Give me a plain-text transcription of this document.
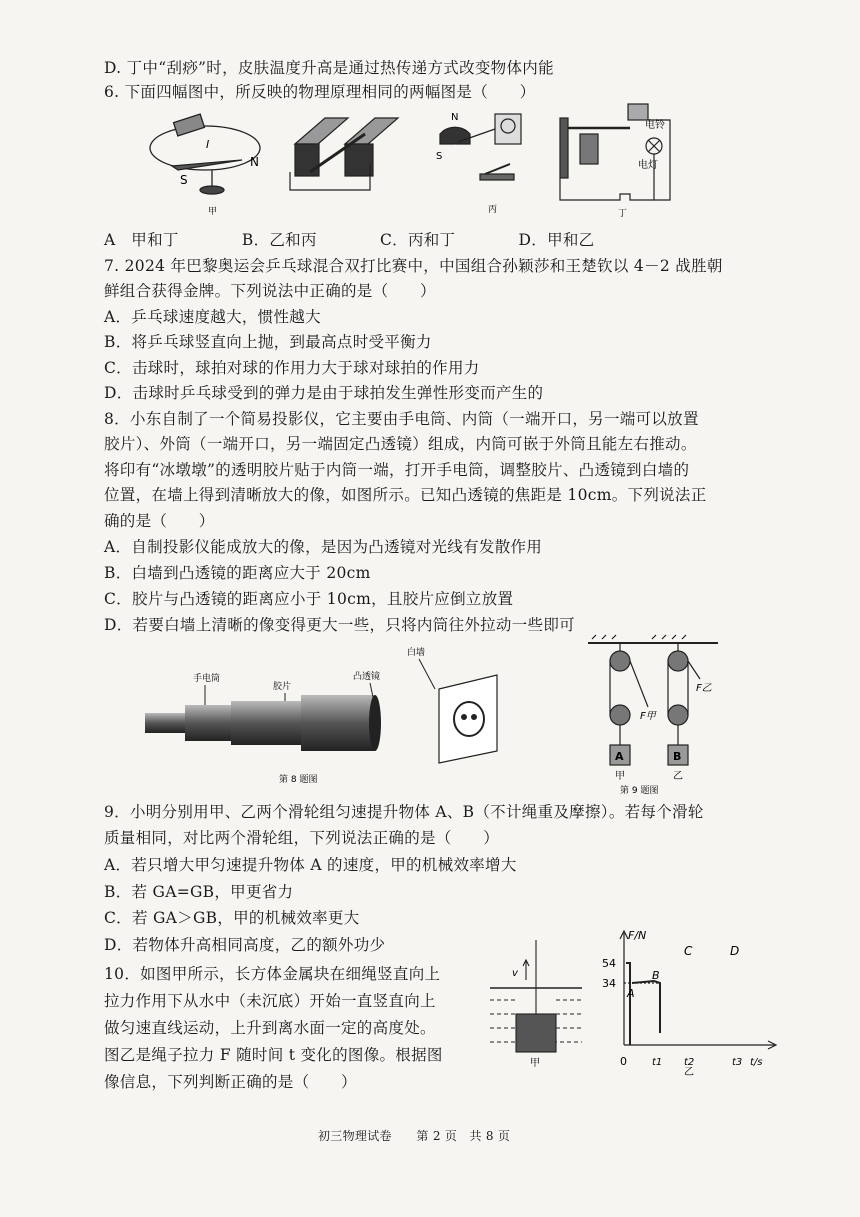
D. 丁中“刮痧”时，皮肤温度升高是通过热传递方式改变物体内能
6. 下面四幅图中，所反映的物理原理相同的两幅图是（　　）
S
N
I
甲
S
N
丙
电铃
电灯
丁
A　甲和丁　　　　B．乙和丙　　　　C．丙和丁　　　　D．甲和乙
7. 2024 年巴黎奥运会乒乓球混合双打比赛中，中国组合孙颖莎和王楚钦以 4－2 战胜朝
鲜组合获得金牌。下列说法中正确的是（　　）
A．乒乓球速度越大，惯性越大
B．将乒乓球竖直向上抛，到最高点时受平衡力
C．击球时，球拍对球的作用力大于球对球拍的作用力
D．击球时乒乓球受到的弹力是由于球拍发生弹性形变而产生的
8．小东自制了一个简易投影仪，它主要由手电筒、内筒（一端开口，另一端可以放置
胶片）、外筒（一端开口，另一端固定凸透镜）组成，内筒可嵌于外筒且能左右推动。
将印有“冰墩墩”的透明胶片贴于内筒一端，打开手电筒，调整胶片、凸透镜到白墙的
位置，在墙上得到清晰放大的像，如图所示。已知凸透镜的焦距是 10cm。下列说法正
确的是（　　）
A．自制投影仪能成放大的像，是因为凸透镜对光线有发散作用
B．白墙到凸透镜的距离应大于 20cm
C．胶片与凸透镜的距离应小于 10cm，且胶片应倒立放置
D．若要白墙上清晰的像变得更大一些，只将内筒往外拉动一些即可
手电筒
胶片
凸透镜
第 8 题图
白墙
A	B
F甲
F乙
甲	乙
第 9 题图
9．小明分别用甲、乙两个滑轮组匀速提升物体 A、B（不计绳重及摩擦）。若每个滑轮
质量相同，对比两个滑轮组，下列说法正确的是（　　）
A．若只增大甲匀速提升物体 A 的速度，甲的机械效率增大
B．若 GA=GB，甲更省力
C．若 GA＞GB，甲的机械效率更大
D．若物体升高相同高度，乙的额外功少
10．如图甲所示，长方体金属块在细绳竖直向上
拉力作用下从水中（未沉底）开始一直竖直向上
做匀速直线运动，上升到离水面一定的高度处。
图乙是绳子拉力 F 随时间 t 变化的图像。根据图
像信息，下列判断正确的是（　　）
v
甲
F/N
54
34
0	t1 t2	t3 t/s
A
B
C	D
乙
初三物理试卷　　第 2 页　共 8 页
